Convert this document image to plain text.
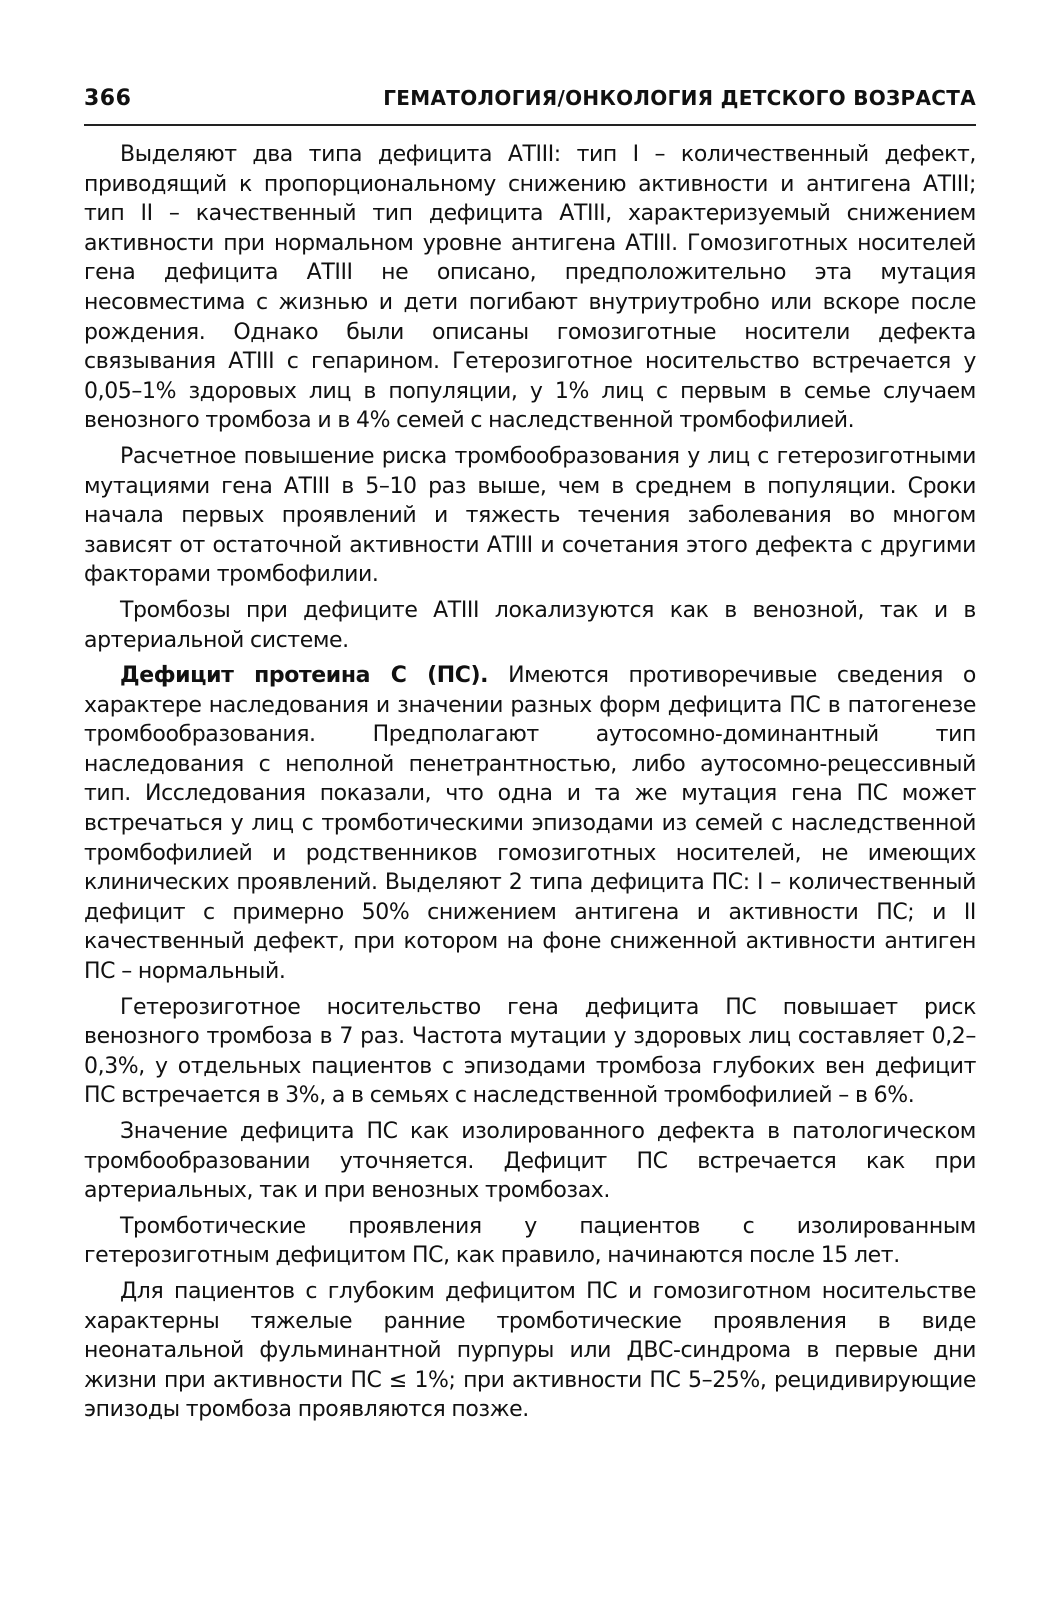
366	ГЕМАТОЛОГИЯ/ОНКОЛОГИЯ ДЕТСКОГО ВОЗРАСТА

Выделяют два типа дефицита АТIII: тип I – количественный дефект, приводящий к пропорциональному снижению активности и антигена АТIII; тип II – качественный тип дефицита АТIII, характеризуемый снижением активности при нормальном уровне антигена АТIII. Гомозиготных носителей гена дефицита АТIII не описано, предположительно эта мутация несовместима с жизнью и дети погибают внутриутробно или вскоре после рождения. Однако были описаны гомозиготные носители дефекта связывания АТIII с гепарином. Гетерозиготное носительство встречается у 0,05–1% здоровых лиц в популяции, у 1% лиц с первым в семье случаем венозного тромбоза и в 4% семей с наследственной тромбофилией.

Расчетное повышение риска тромбообразования у лиц с гетерозиготными мутациями гена АТIII в 5–10 раз выше, чем в среднем в популяции. Сроки начала первых проявлений и тяжесть течения заболевания во многом зависят от остаточной активности АТIII и сочетания этого дефекта с другими факторами тромбофилии.

Тромбозы при дефиците АТIII локализуются как в венозной, так и в артериальной системе.

Дефицит протеина С (ПС). Имеются противоречивые сведения о характере наследования и значении разных форм дефицита ПС в патогенезе тромбообразования. Предполагают аутосомно-доминантный тип наследования с неполной пенетрантностью, либо аутосомно-рецессивный тип. Исследования показали, что одна и та же мутация гена ПС может встречаться у лиц с тромботическими эпизодами из семей с наследственной тромбофилией и родственников гомозиготных носителей, не имеющих клинических проявлений. Выделяют 2 типа дефицита ПС: I – количественный дефицит с примерно 50% снижением антигена и активности ПС; и II качественный дефект, при котором на фоне сниженной активности антиген ПС – нормальный.

Гетерозиготное носительство гена дефицита ПС повышает риск венозного тромбоза в 7 раз. Частота мутации у здоровых лиц составляет 0,2–0,3%, у отдельных пациентов с эпизодами тромбоза глубоких вен дефицит ПС встречается в 3%, а в семьях с наследственной тромбофилией – в 6%.

Значение дефицита ПС как изолированного дефекта в патологическом тромбообразовании уточняется. Дефицит ПС встречается как при артериальных, так и при венозных тромбозах.

Тромботические проявления у пациентов с изолированным гетерозиготным дефицитом ПС, как правило, начинаются после 15 лет.

Для пациентов с глубоким дефицитом ПС и гомозиготном носительстве характерны тяжелые ранние тромботические проявления в виде неонатальной фульминантной пурпуры или ДВС-синдрома в первые дни жизни при активности ПС ≤ 1%; при активности ПС 5–25%, рецидивирующие эпизоды тромбоза проявляются позже.
